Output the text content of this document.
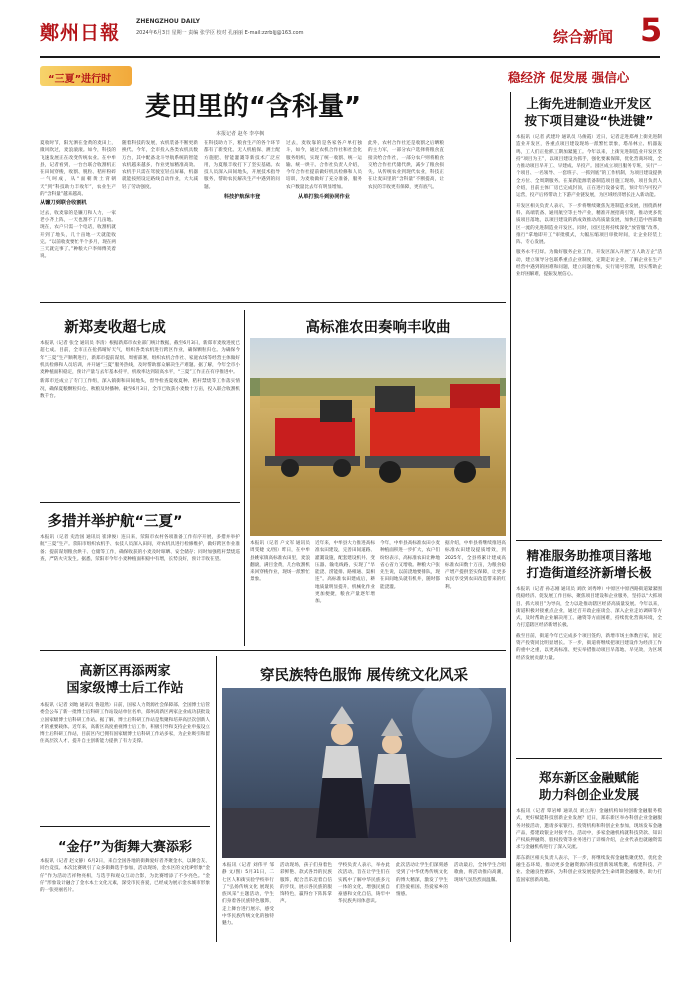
鄭州日報
ZHENGZHOU DAILY
2024年6月3日 星期一 责编 张学臣 校对 孔丽丽 E-mail:zzrbljj@163.com	综合新闻 5
“三夏”进行时	稳经济 促发展 强信心
麦田里的“含科量”
本报记者 赵冬 李亭枫
夏收时节，阳光洒在金黄的麦田上，微风吹过，麦浪滚滚。如今，科技的飞速发展正在改变传统农业。在中牟县，记者看到，一台台联合收割机正在田间穿梭，收割、脱粒、秸秆粉碎一气呵成，从“面朝黄土背朝天”到“科技助力丰收年”，农业生产的“含科量”越来越高。
从镰刀到联合收割机
过去，收麦靠的是镰刀和人力，一家老小齐上阵，一天也割不了几亩地。现在，农户只需一个电话，收割机就开到了地头，几十亩地一天就能收完。“以前收麦要忙半个多月，现在两三天就完事了。”种粮大户李师傅笑着说。
随着科技的发展，农机装备不断更新换代。今年，全市投入各类农机具数万台，其中配备北斗导航系统的智能农机越来越多，作业更加精准高效。农机手只需在驾驶室轻点屏幕，机器就能按照设定路线自动作业，大大减轻了劳动强度。
在科技助力下，粮食生产的各个环节都有了新变化。无人机植保、测土配方施肥、智能灌溉等新技术广泛应用，为夏粮丰收打下了坚实基础。农技人员深入田间地头，开展技术指导服务，帮助农民解决生产中遇到的问题。
科技护航保丰登
过去，麦收靠的是各家各户单打独斗，如今，通过农机合作社和社会化服务组织，实现了统一收割、统一运输、统一烘干。合作社负责人介绍，今年合作社提前做好机具检修和人员培训，为麦收做好了充分准备，服务农户数量比去年有明显增加。
从单打独斗到协同作业
此外，农村合作社还是收割之后晒粮的主力军，一部分农户选择将粮食直接卖给合作社，一部分农户则将粮食交给合作社代储代烘，减少了粮食损失。从传统农业到现代农业，科技正在让麦田里的“含科量”不断提高，让农民的丰收更有保障，更有底气。
上街先进制造业开发区
按下项目建设“快进键”
本报讯（记者 武建玲 通讯员 马俊霞）近日，记者走进郑州上街先进制造业开发区，各重点项目建设现场一派繁忙景象，塔吊林立、机器轰鸣，工人们正抢抓工期加紧施工。今年以来，上街先进制造业开发区坚持“项目为王”，以项目建设为抓手，强化要素保障，优化营商环境，全力推动项目早开工、早建成、早投产。园区成立项目服务专班，实行“一个项目、一名领导、一套班子、一抓到底”的工作机制，为项目建设提供全方位、全周期服务。在某新能源装备制造项目施工现场，项目负责人介绍，目前主体厂房已完成封顶，正在进行设备安装，预计年内可投产运营，投产后将带动上下游产业链发展，为区域经济增长注入新动能。
开发区相关负责人表示，下一步将继续聚焦先进制造业发展，围绕新材料、高端装备、通用航空等主导产业，精准开展招商引资，推动更多优质项目落地，以项目建设的新成效推动高质量发展，加快打造中西部地区一流的先进制造业开发区。同时，园区还将持续深化“放管服”改革，推行“拿地即开工”审批模式，大幅压缩项目审批时间，让企业轻装上阵、专心发展。
服务永不打烊。为做好服务企业工作，开发区深入开展“万人助万企”活动，建立领导分包联系重点企业制度，定期走访企业，了解企业在生产经营中遇到的困难和问题，建立问题台账，实行销号管理，切实帮助企业纾困解难，提振发展信心。
新郑麦收超七成
本报讯（记者 张全 通讯员 李清）根据新郑市农业部门统计数据，截至6月3日，新郑市麦收进度已超七成。目前，全市正在抢抓晴好天气，组织各类农机进行跨区作业，确保颗粒归仓。为确保今年“三夏”生产顺利进行，新郑市提前谋划、周密部署，组织农机合作社、家庭农场等经营主体做好机具检修和人员培训，并开通“三夏”服务热线，及时帮助群众解决生产难题。据了解，今年全市小麦种植面积稳定，预计产量与去年基本持平，机收率达到较高水平，“三夏”工作正在有序推进中。
新郑市还成立了专门工作组，深入镇街和田间地头，督导检查夏收夏种、秸秆禁烧等工作落实情况，确保夏粮颗粒归仓、秋粮及时播种。截至6月3日，全市已收获小麦数十万亩，投入联合收割机数千台。
多措并举护航“三夏”
本报讯（记者 史治国 通讯员 崔津俊）连日来，荥阳市农村各项准备工作有序开展，多措并举护航“三夏”生产。荥阳市组织农机手、农技人员深入田间，对农机具进行检修维护，做好跨区作业准备；提前谋划粮食烘干、仓储等工作，确保收获的小麦及时晾晒、安全储存；同时加强秸秆禁烧巡查，严防火灾发生。据悉，荥阳市今年小麦种植面积稳中有增，长势良好，预计丰收在望。
高标准农田奏响丰收曲
本报讯（记者 户文军 通讯员 周雯婕 文/图）昨日，在中牟县姚家镇高标准农田里，麦浪翻滚，满目金黄，几台收割机来回穿梭作业，现场一派繁忙景象。
近年来，中牟县大力推进高标准农田建设，完善田间道路、灌溉设施，配套建设机井、变压器、输电线路，实现了“旱能浇、涝能排、路相通、渠相连”。高标准农田建成后，耕地质量明显提升，机械化作业更加便捷，粮食产量逐年增加。
今年，中牟县高标准农田小麦种植面积进一步扩大，农户们纷纷表示，高标准农田让种地省心省力又增收。种粮大户张先生说，以前浇地要排队，现在田间地头就有机井，随时都能浇灌。
据介绍，中牟县将继续推进高标准农田建设提质增效，到2025年，全县将累计建成高标准农田数十万亩，为粮食稳产增产提供坚实保障，让更多农民享受到农田改造带来的红利。
精准服务助推项目落地
打造街道经济新增长极
本报讯（记者 孙志刚 通讯员 刘欣 刘秀坤）中原区中原西路街道紧紧围绕稳经济、促发展工作目标，聚焦项目建设和企业服务，坚持以“大抓项目、抓大项目”为导向，全力以赴推动辖区经济高质量发展。今年以来，街道积极对接重点企业，通过召开政企座谈会、深入企业走访调研等方式，及时帮助企业解决用工、融资等方面困难，持续优化营商环境，全力打造辖区经济新增长极。
截至目前，街道今年已完成多个项目签约，新增市场主体数百家，固定资产投资同比明显增长。下一步，街道将继续把项目建设作为经济工作的重中之重，以更高标准、更实举措推动项目早落地、早见效，为区域经济发展贡献力量。
郑东新区金融赋能
助力科创企业发展
本报讯（记者 覃岩峰 通讯员 刘立涛）金融机构如何创新金融服务模式，更好赋能科技创新企业发展？近日，郑东新区举办科创企业金融服务对接活动，邀请多家银行、投资机构和科创企业参加，现场发布金融产品，搭建政银企对接平台。活动中，多家金融机构就科技贷款、知识产权质押融资、股权投资等业务进行了详细介绍，企业代表也就融资需求与金融机构进行了深入交流。
郑东新区相关负责人表示，下一步，将继续发挥金融集聚优势，优化金融生态环境，推动更多金融资源向科技创新领域集聚，构建科技、产业、金融良性循环，为科创企业发展提供全生命周期金融服务，助力打造国家创新高地。
高新区再添两家
国家级博士后工作站
本报讯（记者 刘地 通讯员 鲁超然）日前，国家人力资源社会保障部、全国博士后管委会公布了新一批博士后科研工作站设站单位名单，郑州高新区两家企业成功获批设立国家级博士后科研工作站。据了解，博士后科研工作站是集聚和培养高层次创新人才的重要载体。近年来，高新区高度重视博士后工作，积极引导和支持企业申报设立博士后科研工作站，目前区内已拥有国家级博士后科研工作站多家，为企业吸引和留住高层次人才、提升自主创新能力提供了有力支撑。
“金仔”为街舞大赛添彩
本报讯（记者 赵文静）6月2日，来自全国各地的街舞爱好者齐聚金水，以舞会友、同台竞技。本次比赛吸引了众多街舞选手参加，活动现场，金水区的文化IP形象“金仔”作为活动吉祥物亮相，与选手和观众互动合影，为比赛增添了不少亮色。“金仔”形象设计融合了金水本土文化元素，深受市民喜爱，已经成为展示金水城市形象的一张亮丽名片。
穿民族特色服饰 展传统文化风采
本报讯（记者 刘伟平 邹静 文/图）5月31日，二七区人和街实验学校举行了“弘扬传统文化 展现民族风采”主题活动，学生们身着各民族特色服饰，走上舞台进行展示，感受中华民族传统文化的独特魅力。
活动现场，孩子们身着色彩鲜艳、款式各异的民族服饰，配合音乐迈着自信的步伐，展示各民族的服饰特色，赢得台下阵阵掌声。
学校负责人表示，举办此次活动，旨在让学生们在实践中了解中华民族多元一体的文化，增强民族自豪感和文化自信，铸牢中华民族共同体意识。
此次活动让学生们深刻感受到了中华优秀传统文化的博大精深，激发了学生们热爱祖国、热爱家乡的情感。
活动最后，全体学生合唱歌曲，将活动推向高潮，现场气氛热烈而温馨。
